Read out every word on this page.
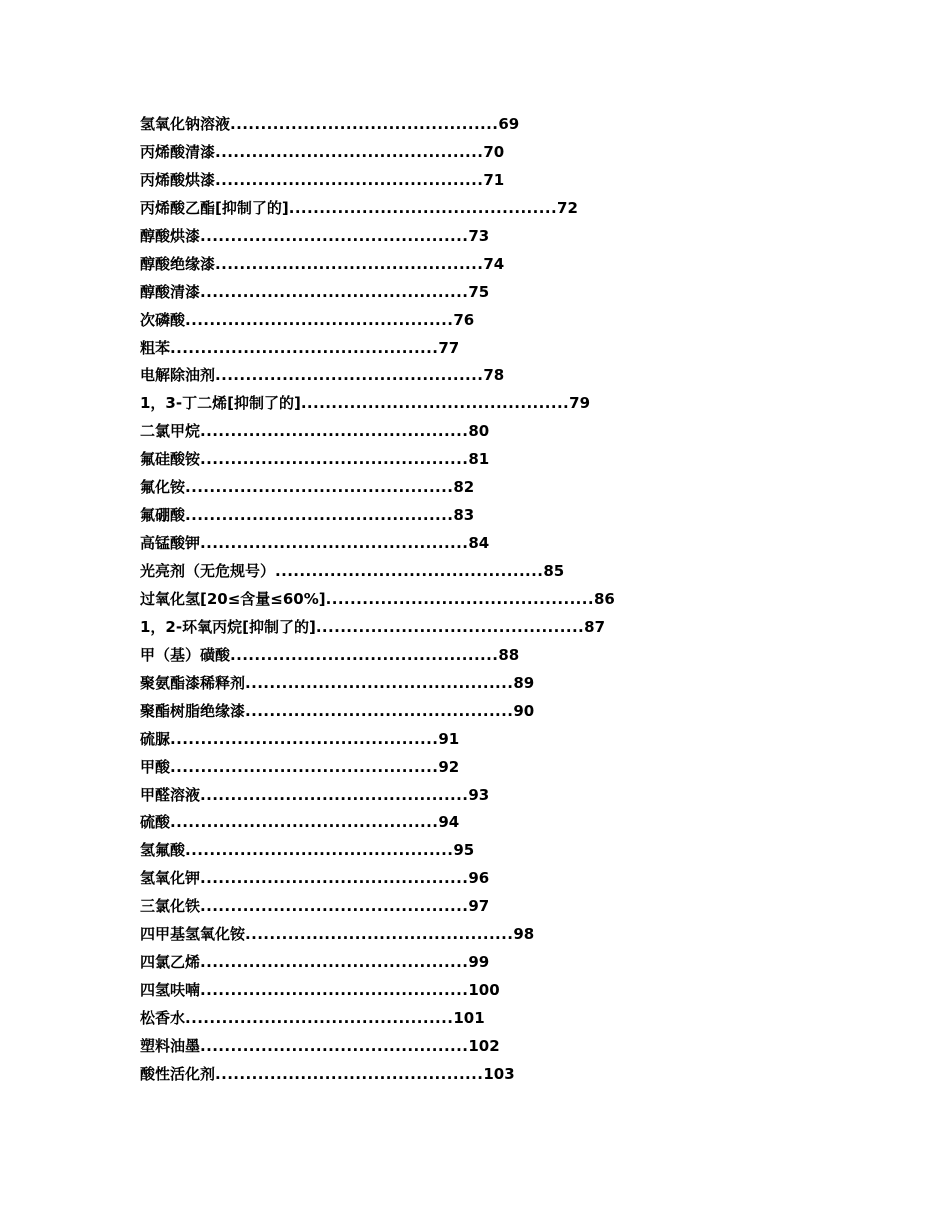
氢氧化钠溶液............................................69
丙烯酸清漆............................................70
丙烯酸烘漆............................................71
丙烯酸乙酯[抑制了的]............................................72
醇酸烘漆............................................73
醇酸绝缘漆............................................74
醇酸清漆............................................75
次磷酸............................................76
粗苯............................................77
电解除油剂............................................78
1，3-丁二烯[抑制了的]............................................79
二氯甲烷............................................80
氟硅酸铵............................................81
氟化铵............................................82
氟硼酸............................................83
高锰酸钾............................................84
光亮剂（无危规号）............................................85
过氧化氢[20≤含量≤60%]............................................86
1，2-环氧丙烷[抑制了的]............................................87
甲（基）磺酸............................................88
聚氨酯漆稀释剂............................................89
聚酯树脂绝缘漆............................................90
硫脲............................................91
甲酸............................................92
甲醛溶液............................................93
硫酸............................................94
氢氟酸............................................95
氢氧化钾............................................96
三氯化铁............................................97
四甲基氢氧化铵............................................98
四氯乙烯............................................99
四氢呋喃............................................100
松香水............................................101
塑料油墨............................................102
酸性活化剂............................................103
